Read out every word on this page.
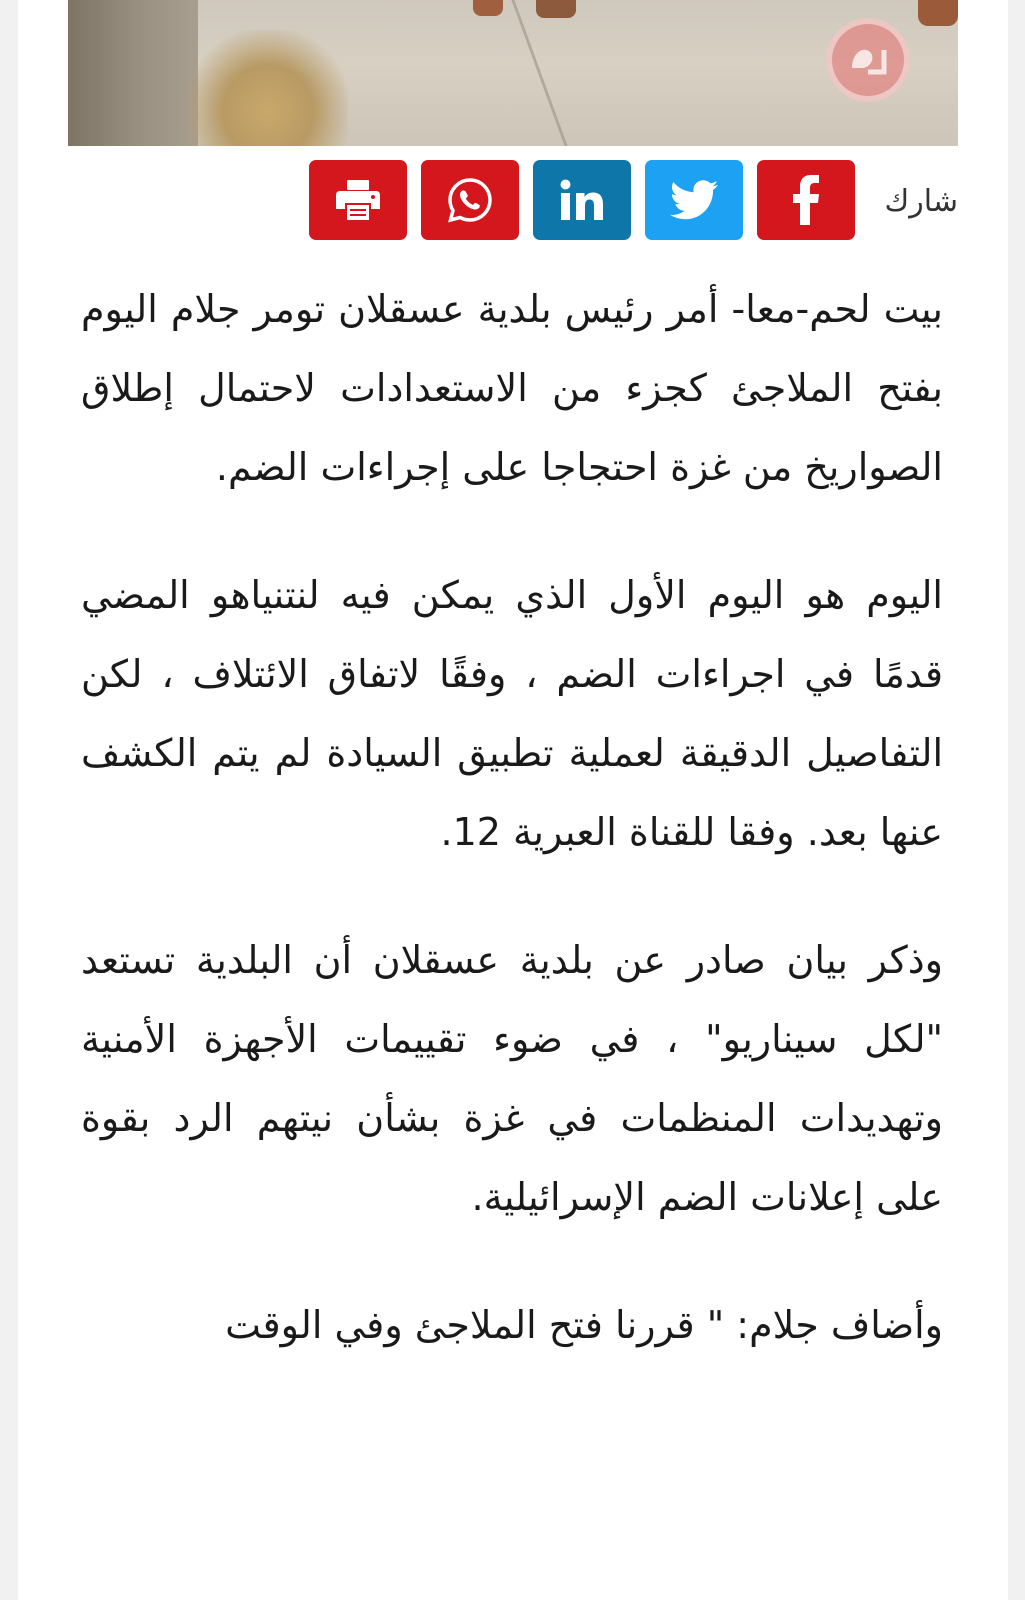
شارك

بيت لحم-معا- أمر رئيس بلدية عسقلان تومر جلام اليوم بفتح الملاجئ كجزء من الاستعدادات لاحتمال إطلاق الصواريخ من غزة احتجاجا على إجراءات الضم.

اليوم هو اليوم الأول الذي يمكن فيه لنتنياهو المضي قدمًا في اجراءات الضم ، وفقًا لاتفاق الائتلاف ، لكن التفاصيل الدقيقة لعملية تطبيق السيادة لم يتم الكشف عنها بعد. وفقا للقناة العبرية 12.

وذكر بيان صادر عن بلدية عسقلان أن البلدية تستعد "لكل سيناريو" ، في ضوء تقييمات الأجهزة الأمنية وتهديدات المنظمات في غزة بشأن نيتهم الرد بقوة على إعلانات الضم الإسرائيلية.

وأضاف جلام: " قررنا فتح الملاجئ وفي الوقت
